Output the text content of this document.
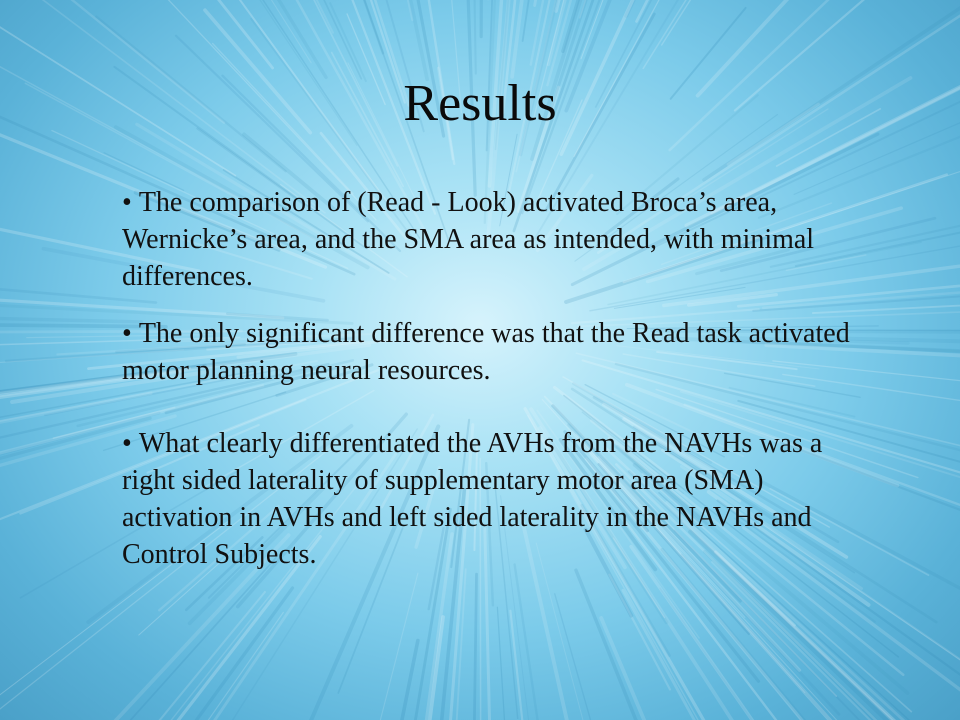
Results
• The comparison of (Read - Look) activated Broca’s area, Wernicke’s area, and the SMA area as intended, with minimal differences.
• The only significant difference was that the Read task activated motor planning neural resources.
• What clearly differentiated the AVHs from the NAVHs was a right sided laterality of supplementary motor area (SMA) activation in AVHs and left sided laterality in the NAVHs and Control Subjects.
